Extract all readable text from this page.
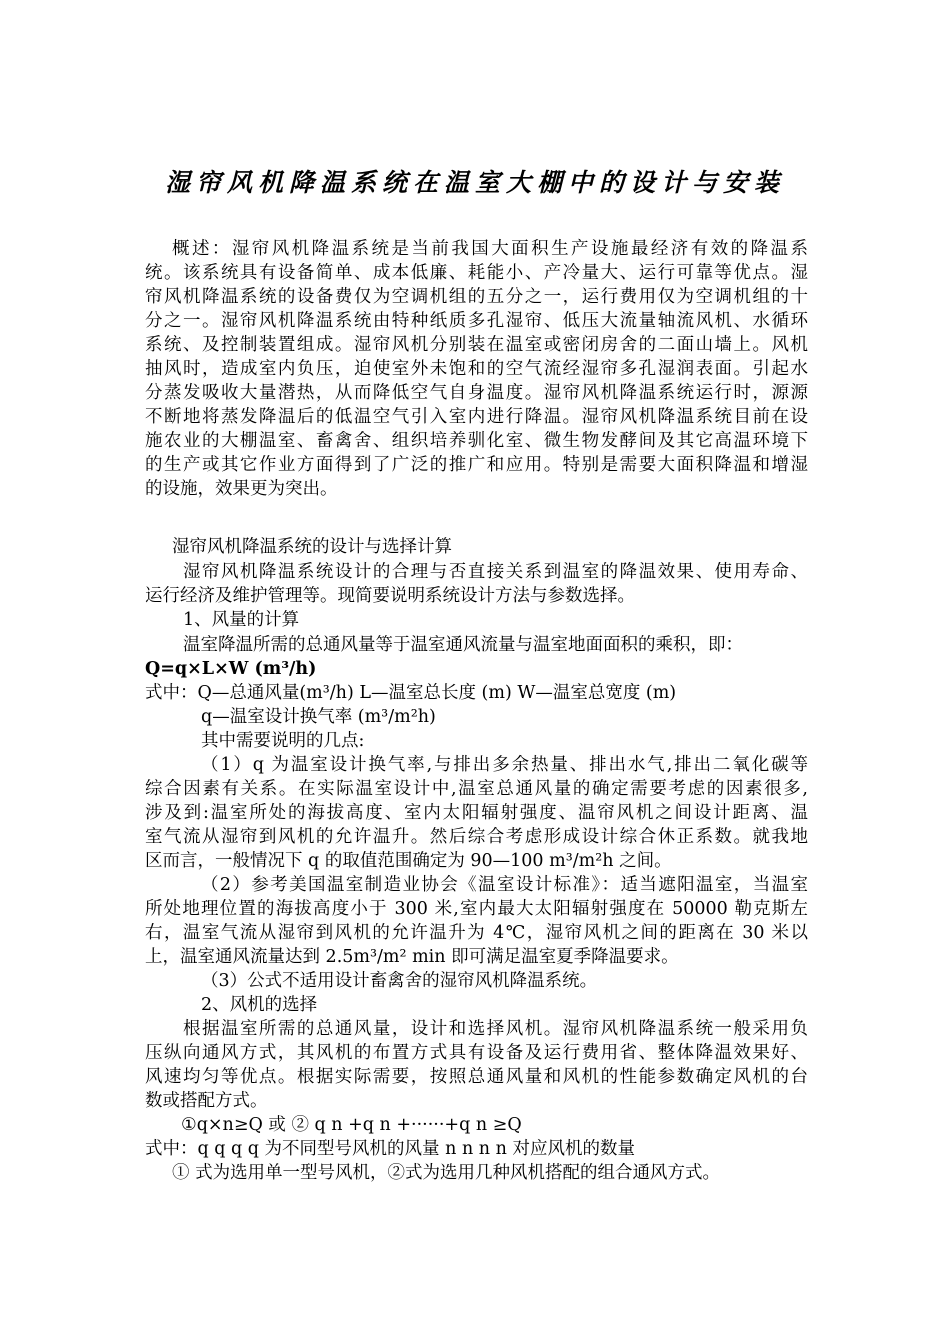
湿帘风机降温系统在温室大棚中的设计与安装
概述：湿帘风机降温系统是当前我国大面积生产设施最经济有效的降温系
统。该系统具有设备简单、成本低廉、耗能小、产冷量大、运行可靠等优点。湿
帘风机降温系统的设备费仅为空调机组的五分之一，运行费用仅为空调机组的十
分之一。湿帘风机降温系统由特种纸质多孔湿帘、低压大流量轴流风机、水循环
系统、及控制装置组成。湿帘风机分别装在温室或密闭房舍的二面山墙上。风机
抽风时，造成室内负压，迫使室外未饱和的空气流经湿帘多孔湿润表面。引起水
分蒸发吸收大量潜热，从而降低空气自身温度。湿帘风机降温系统运行时，源源
不断地将蒸发降温后的低温空气引入室内进行降温。湿帘风机降温系统目前在设
施农业的大棚温室、畜禽舍、组织培养驯化室、微生物发酵间及其它高温环境下
的生产或其它作业方面得到了广泛的推广和应用。特别是需要大面积降温和增湿
的设施，效果更为突出。
湿帘风机降温系统的设计与选择计算
湿帘风机降温系统设计的合理与否直接关系到温室的降温效果、使用寿命、
运行经济及维护管理等。现简要说明系统设计方法与参数选择。
1、风量的计算
温室降温所需的总通风量等于温室通风流量与温室地面面积的乘积，即：
Q=q×L×W (m³/h)
式中：Q—总通风量(m³/h) L—温室总长度 (m) W—温室总宽度 (m)
q—温室设计换气率 (m³/m²h)
其中需要说明的几点:
（1）q 为温室设计换气率,与排出多余热量、排出水气,排出二氧化碳等
综合因素有关系。在实际温室设计中,温室总通风量的确定需要考虑的因素很多,
涉及到:温室所处的海拔高度、室内太阳辐射强度、温帘风机之间设计距离、温
室气流从湿帘到风机的允许温升。然后综合考虑形成设计综合休正系数。就我地
区而言，一般情况下 q 的取值范围确定为 90—100 m³/m²h 之间。
（2）参考美国温室制造业协会《温室设计标准》：适当遮阳温室，当温室
所处地理位置的海拔高度小于 300 米,室内最大太阳辐射强度在 50000 勒克斯左
右，温室气流从湿帘到风机的允许温升为 4℃，湿帘风机之间的距离在 30 米以
上，温室通风流量达到 2.5m³/m² min 即可满足温室夏季降温要求。
（3）公式不适用设计畜禽舍的湿帘风机降温系统。
2、风机的选择
根据温室所需的总通风量，设计和选择风机。湿帘风机降温系统一般采用负
压纵向通风方式，其风机的布置方式具有设备及运行费用省、整体降温效果好、
风速均匀等优点。根据实际需要，按照总通风量和风机的性能参数确定风机的台
数或搭配方式。
①q×n≥Q 或 ② q n +q n +······+q n ≥Q
式中：q q q q 为不同型号风机的风量 n n n n 对应风机的数量
① 式为选用单一型号风机，②式为选用几种风机搭配的组合通风方式。
